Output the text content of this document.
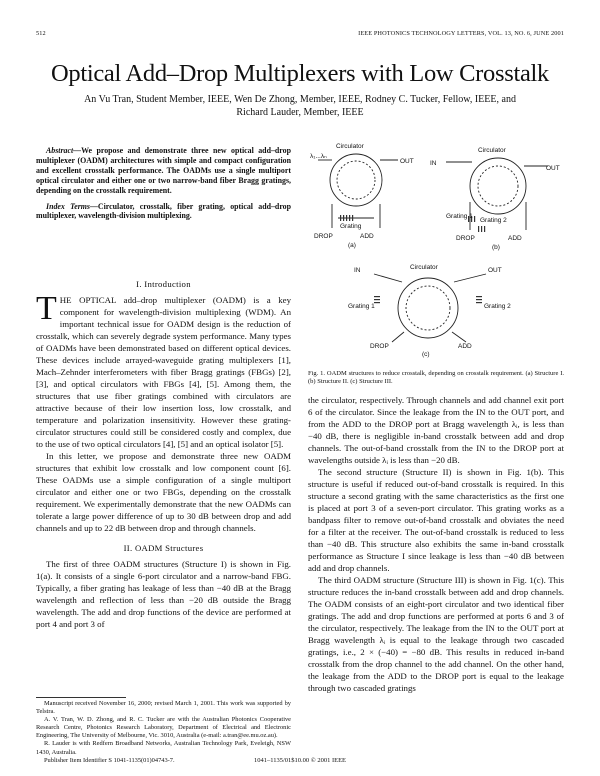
512	IEEE PHOTONICS TECHNOLOGY LETTERS, VOL. 13, NO. 6, JUNE 2001
Optical Add–Drop Multiplexers with Low Crosstalk
An Vu Tran, Student Member, IEEE, Wen De Zhong, Member, IEEE, Rodney C. Tucker, Fellow, IEEE, and
Richard Lauder, Member, IEEE

Abstract—We propose and demonstrate three new optical add–drop multiplexer (OADM) architectures with simple and compact configuration and excellent crosstalk performance. The OADMs use a single multiport optical circulator and either one or two narrow-band fiber Bragg gratings, depending on the crosstalk requirement.

Index Terms—Circulator, crosstalk, fiber grating, optical add–drop multiplexer, wavelength-division multiplexing.

I. Introduction

THE OPTICAL add–drop multiplexer (OADM) is a key component for wavelength-division multiplexing (WDM). An important technical issue for OADM design is the reduction of crosstalk, which can severely degrade system performance. Many types of OADMs have been demonstrated based on different optical devices. These devices include arrayed-waveguide grating multiplexers [1], Mach–Zehnder interferometers with fiber Bragg gratings (FBGs) [2], [3], and optical circulators with FBGs [4], [5]. Among them, the structures that use fiber gratings combined with circulators are attractive because of their low insertion loss, low crosstalk, and temperature and polarization insensitivity. However these grating-circulator structures could still be considered costly and complex, due to the use of two optical circulators [4], [5] and an optical isolator [5].

In this letter, we propose and demonstrate three new OADM structures that exhibit low crosstalk and low component count [6]. These OADMs use a simple configuration of a single multiport circulator and either one or two FBGs, depending on the crosstalk requirement. We experimentally demonstrate that the new OADMs can tolerate a large power difference of up to 30 dB between drop and add channels and up to 22 dB between drop and through channels.

II. OADM Structures

The first of three OADM structures (Structure I) is shown in Fig. 1(a). It consists of a single 6-port circulator and a narrow-band FBG. Typically, a fiber grating has leakage of less than −40 dB at the Bragg wavelength and reflection of less than −20 dB outside the Bragg wavelength. The add and drop functions of the device are performed at port 4 and port 3 of

Manuscript received November 16, 2000; revised March 1, 2001. This work was supported by Telstra.

A. V. Tran, W. D. Zhong, and R. C. Tucker are with the Australian Photonics Cooperative Research Centre, Photonics Research Laboratory, Department of Electrical and Electronic Engineering, The University of Melbourne, Vic. 3010, Australia (e-mail: a.tran@ee.mu.oz.au).

R. Lauder is with Redfern Broadband Networks, Australian Technology Park, Eveleigh, NSW 1430, Australia.

Publisher Item Identifier S 1041-1135(01)04743-7.

Circulator
λ₁...λₙ
OUT
Grating
DROP	ADD
(a)
Circulator
IN
OUT
Grating 1
Grating 2
DROP	ADD
(b)
Circulator
IN	OUT
Grating 1	Grating 2
DROP	ADD
(c)
Fig. 1. OADM structures to reduce crosstalk, depending on crosstalk requirement. (a) Structure I. (b) Structure II. (c) Structure III.

the circulator, respectively. Through channels and add channel exit port 6 of the circulator. Since the leakage from the IN to the OUT port, and from the ADD to the DROP port at Bragg wavelength λᵢ, is less than −40 dB, there is negligible in-band crosstalk between add and drop channels. The out-of-band crosstalk from the IN to the DROP port at wavelengths outside λᵢ is less than −20 dB.

The second structure (Structure II) is shown in Fig. 1(b). This structure is useful if reduced out-of-band crosstalk is required. In this structure a second grating with the same characteristics as the first one is placed at port 3 of a seven-port circulator. This grating works as a bandpass filter to remove out-of-band crosstalk and obviates the need for a filter at the receiver. The out-of-band crosstalk is reduced to less than −40 dB. This structure also exhibits the same in-band crosstalk performance as Structure I since leakage is less than −40 dB between add and drop channels.

The third OADM structure (Structure III) is shown in Fig. 1(c). This structure reduces the in-band crosstalk between add and drop channels. The OADM consists of an eight-port circulator and two identical fiber gratings. The add and drop functions are performed at ports 6 and 3 of the circulator, respectively. The leakage from the IN to the OUT port at Bragg wavelength λᵢ is equal to the leakage through two cascaded gratings, i.e., 2 × (−40) = −80 dB. This results in reduced in-band crosstalk from the drop channel to the add channel. On the other hand, the leakage from the ADD to the DROP port is equal to the leakage through two cascaded gratings

1041–1135/01$10.00 © 2001 IEEE
